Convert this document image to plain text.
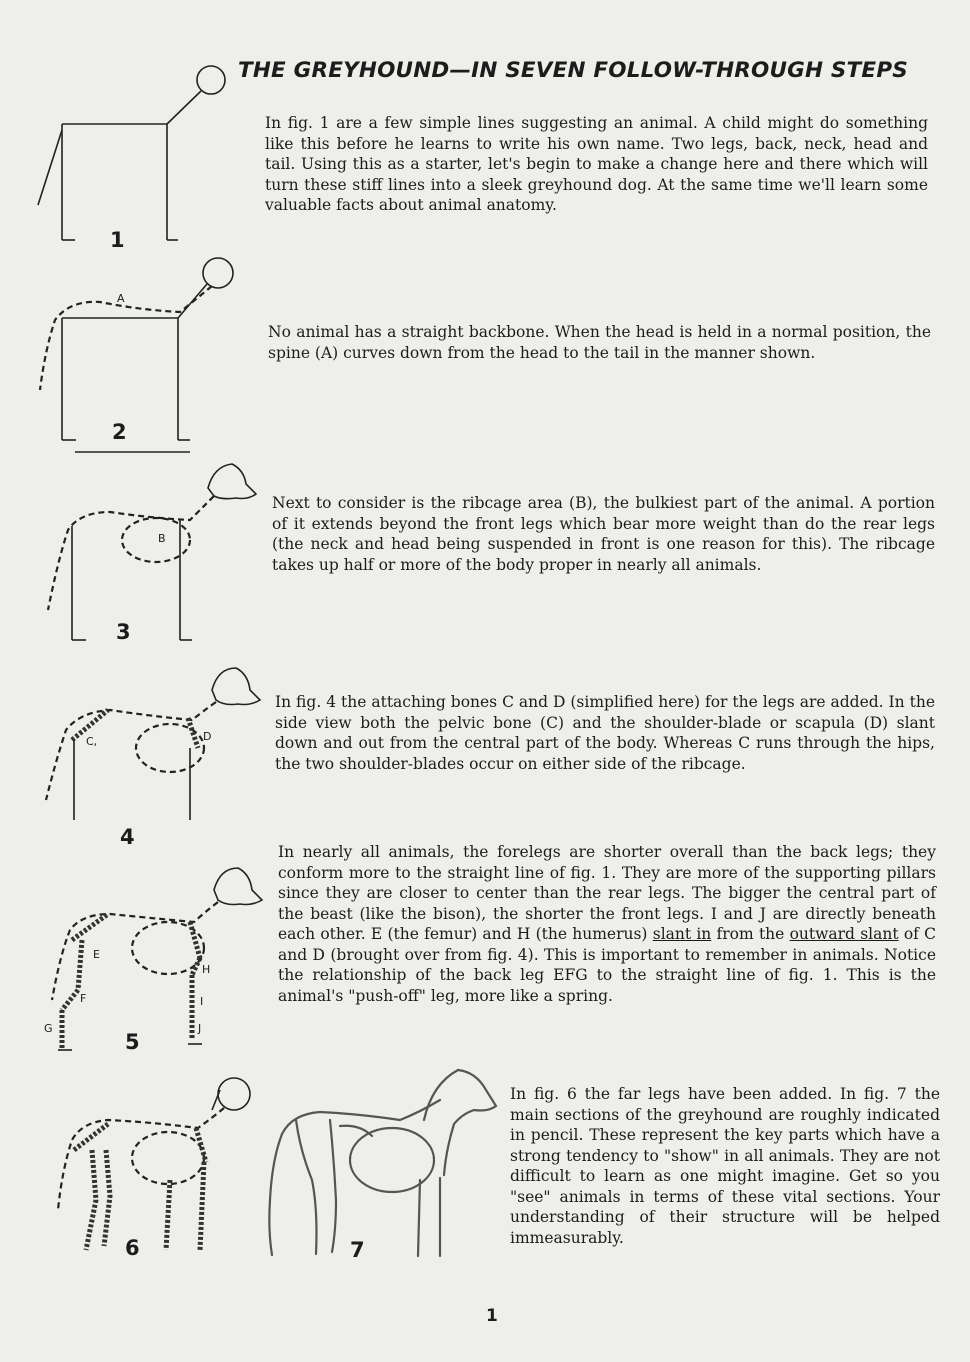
THE GREYHOUND—IN SEVEN FOLLOW-THROUGH STEPS

In fig. 1 are a few simple lines suggesting an animal. A child might do something like this before he learns to write his own name. Two legs, back, neck, head and tail. Using this as a starter, let's begin to make a change here and there which will turn these stiff lines into a sleek greyhound dog. At the same time we'll learn some valuable facts about animal anatomy.

No animal has a straight backbone. When the head is held in a normal position, the spine (A) curves down from the head to the tail in the manner shown.

Next to consider is the ribcage area (B), the bulkiest part of the animal. A portion of it extends beyond the front legs which bear more weight than do the rear legs (the neck and head being suspended in front is one reason for this). The ribcage takes up half or more of the body proper in nearly all animals.

In fig. 4 the attaching bones C and D (simplified here) for the legs are added. In the side view both the pelvic bone (C) and the shoulder-blade or scapula (D) slant down and out from the central part of the body. Whereas C runs through the hips, the two shoulder-blades occur on either side of the ribcage.

In nearly all animals, the forelegs are shorter overall than the back legs; they conform more to the straight line of fig. 1. They are more of the supporting pillars since they are closer to center than the rear legs. The bigger the central part of the beast (like the bison), the shorter the front legs. I and J are directly beneath each other. E (the femur) and H (the humerus) slant in from the outward slant of C and D (brought over from fig. 4). This is important to remember in animals. Notice the relationship of the back leg EFG to the straight line of fig. 1. This is the animal's "push-off" leg, more like a spring.

In fig. 6 the far legs have been added. In fig. 7 the main sections of the greyhound are roughly indicated in pencil. These represent the key parts which have a strong tendency to "show" in all animals. They are not difficult to learn as one might imagine. Get so you "see" animals in terms of these vital sections. Your understanding of their structure will be helped immeasurably.

1
2
3
4
5
6	7
A
B
C,	D
E
F
G
H
I
J
1
